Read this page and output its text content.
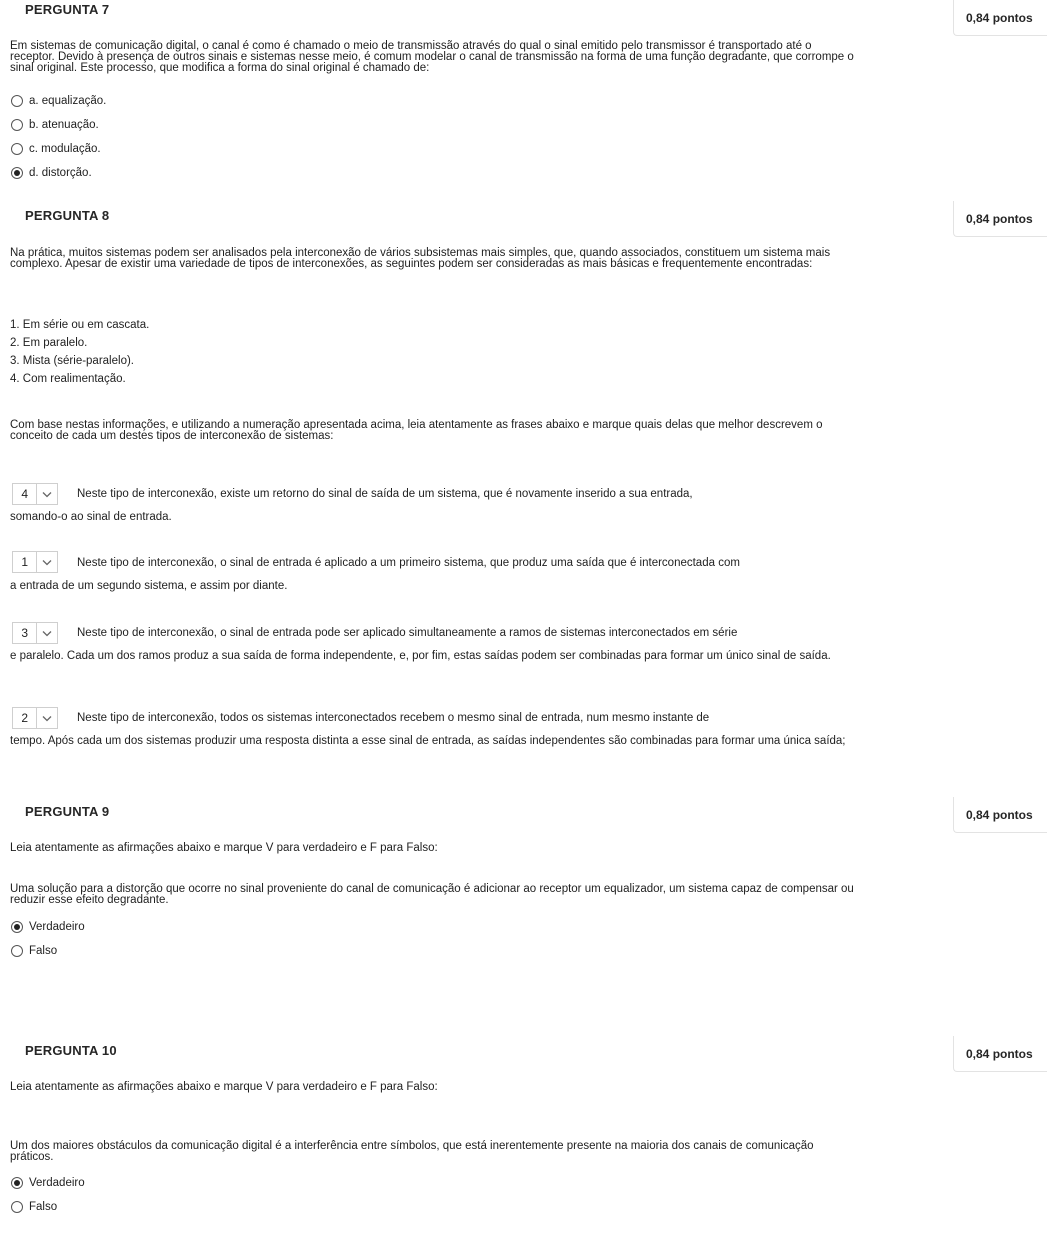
PERGUNTA 7
0,84 pontos
Em sistemas de comunicação digital, o canal é como é chamado o meio de transmissão através do qual o sinal emitido pelo transmissor é transportado até o receptor. Devido à presença de outros sinais e sistemas nesse meio, é comum modelar o canal de transmissão na forma de uma função degradante, que corrompe o sinal original. Este processo, que modifica a forma do sinal original é chamado de:
a. equalização.
b. atenuação.
c. modulação.
d. distorção.
PERGUNTA 8	0,84 pontos
Na prática, muitos sistemas podem ser analisados pela interconexão de vários subsistemas mais simples, que, quando associados, constituem um sistema mais complexo. Apesar de existir uma variedade de tipos de interconexões, as seguintes podem ser consideradas as mais básicas e frequentemente encontradas:
1. Em série ou em cascata.
2. Em paralelo.
3. Mista (série-paralelo).
4. Com realimentação.
Com base nestas informações, e utilizando a numeração apresentada acima, leia atentamente as frases abaixo e marque quais delas que melhor descrevem o conceito de cada um destes tipos de interconexão de sistemas:
4	Neste tipo de interconexão, existe um retorno do sinal de saída de um sistema, que é novamente inserido a sua entrada,
somando-o ao sinal de entrada.
1	Neste tipo de interconexão, o sinal de entrada é aplicado a um primeiro sistema, que produz uma saída que é interconectada com
a entrada de um segundo sistema, e assim por diante.
3	Neste tipo de interconexão, o sinal de entrada pode ser aplicado simultaneamente a ramos de sistemas interconectados em série
e paralelo. Cada um dos ramos produz a sua saída de forma independente, e, por fim, estas saídas podem ser combinadas para formar um único sinal de saída.
2	Neste tipo de interconexão, todos os sistemas interconectados recebem o mesmo sinal de entrada, num mesmo instante de
tempo. Após cada um dos sistemas produzir uma resposta distinta a esse sinal de entrada, as saídas independentes são combinadas para formar uma única saída;
PERGUNTA 9	0,84 pontos
Leia atentamente as afirmações abaixo e marque V para verdadeiro e F para Falso:
Uma solução para a distorção que ocorre no sinal proveniente do canal de comunicação é adicionar ao receptor um equalizador, um sistema capaz de compensar ou reduzir esse efeito degradante.
Verdadeiro
Falso
PERGUNTA 10	0,84 pontos
Leia atentamente as afirmações abaixo e marque V para verdadeiro e F para Falso:
Um dos maiores obstáculos da comunicação digital é a interferência entre símbolos, que está inerentemente presente na maioria dos canais de comunicação práticos.
Verdadeiro
Falso
